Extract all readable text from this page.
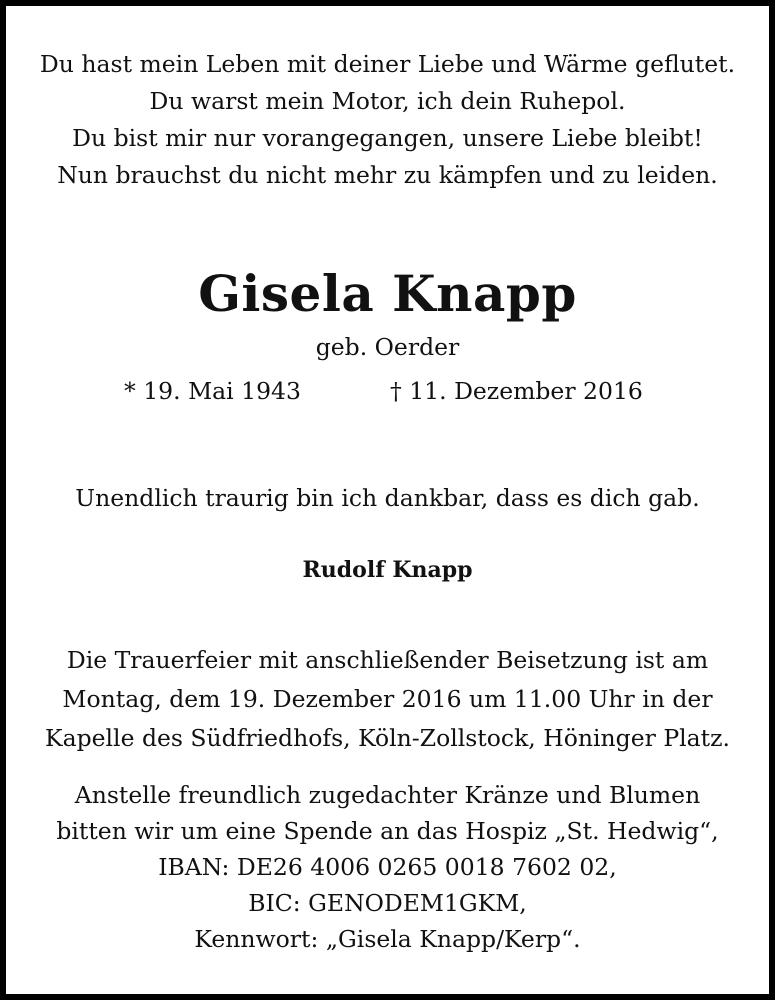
Du hast mein Leben mit deiner Liebe und Wärme geflutet.
Du warst mein Motor, ich dein Ruhepol.
Du bist mir nur vorangegangen, unsere Liebe bleibt!
Nun brauchst du nicht mehr zu kämpfen und zu leiden.
Gisela Knapp
geb. Oerder
* 19. Mai 1943	† 11. Dezember 2016
Unendlich traurig bin ich dankbar, dass es dich gab.
Rudolf Knapp
Die Trauerfeier mit anschließender Beisetzung ist am
Montag, dem 19. Dezember 2016 um 11.00 Uhr in der
Kapelle des Südfriedhofs, Köln-Zollstock, Höninger Platz.
Anstelle freundlich zugedachter Kränze und Blumen
bitten wir um eine Spende an das Hospiz „St. Hedwig“,
IBAN: DE26 4006 0265 0018 7602 02,
BIC: GENODEM1GKM,
Kennwort: „Gisela Knapp/Kerp“.
